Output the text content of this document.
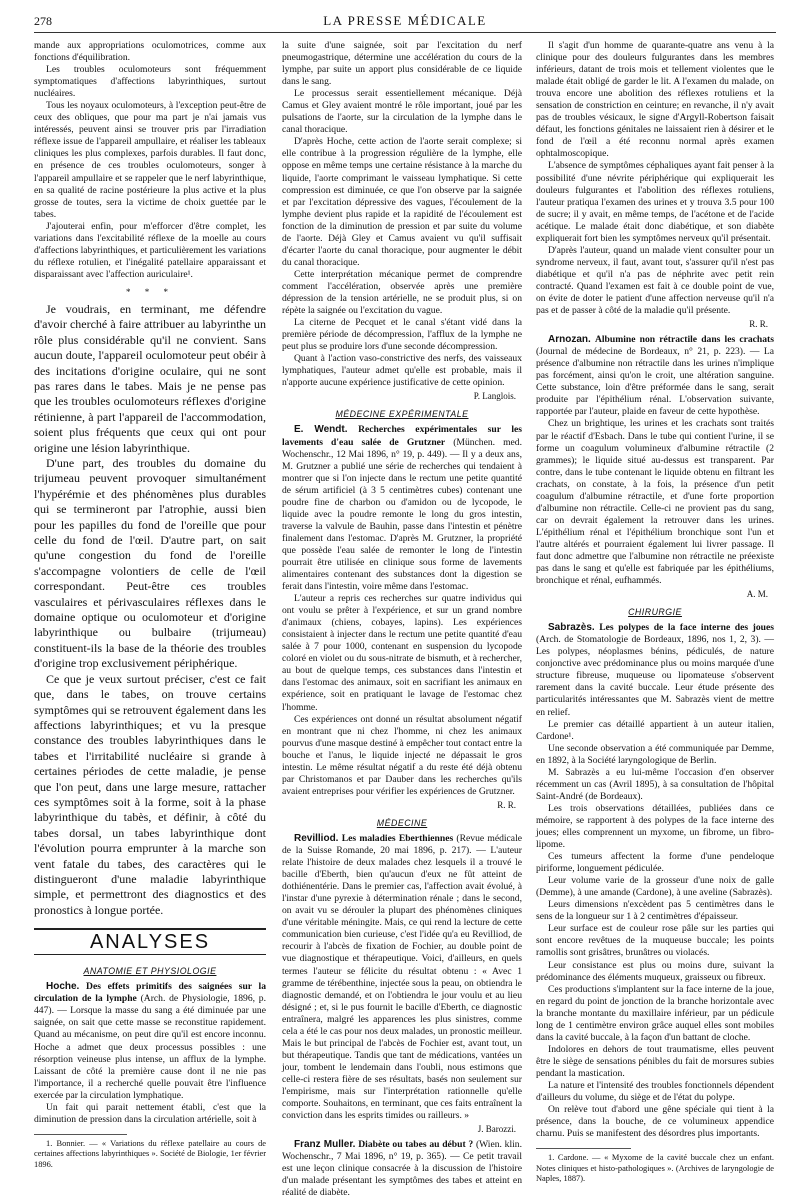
278	LA PRESSE MÉDICALE

mande aux appropriations oculomotrices, comme aux fonctions d'équilibration.

Les troubles oculomoteurs sont fréquemment symptomatiques d'affections labyrinthiques, surtout nucléaires.

Tous les noyaux oculomoteurs, à l'exception peut-être de ceux des obliques, que pour ma part je n'ai jamais vus intéressés, peuvent ainsi se trouver pris par l'irradiation réflexe issue de l'appareil ampullaire, et réaliser les tableaux cliniques les plus complexes, parfois durables. Il faut donc, en présence de ces troubles oculomoteurs, songer à l'appareil ampullaire et se rappeler que le nerf labyrinthique, en sa qualité de racine postérieure la plus active et la plus grosse de toutes, sera la victime de choix guettée par le tabes.

J'ajouterai enfin, pour m'efforcer d'être complet, les variations dans l'excitabilité réflexe de la moelle au cours d'affections labyrinthiques, et particulièrement les variations du réflexe rotulien, et l'inégalité patellaire apparaissant et disparaissant avec l'affection auriculaire¹.

* * *

Je voudrais, en terminant, me défendre d'avoir cherché à faire attribuer au labyrinthe un rôle plus considérable qu'il ne convient. Sans aucun doute, l'appareil oculomoteur peut obéir à des incitations d'origine oculaire, qui ne sont pas rares dans le tabes. Mais je ne pense pas que les troubles oculomoteurs réflexes d'origine rétinienne, à part l'appareil de l'accommodation, soient plus fréquents que ceux qui ont pour origine une lésion labyrinthique.

D'une part, des troubles du domaine du trijumeau peuvent provoquer simultanément l'hypérémie et des phénomènes plus durables qui se termineront par l'atrophie, aussi bien pour les papilles du fond de l'oreille que pour celle du fond de l'œil. D'autre part, on sait qu'une congestion du fond de l'oreille s'accompagne volontiers de celle de l'œil correspondant. Peut-être ces troubles vasculaires et périvasculaires réflexes dans le domaine optique ou oculomoteur et d'origine labyrinthique ou bulbaire (trijumeau) constituent-ils la base de la théorie des troubles d'origine trop exclusivement périphérique.

Ce que je veux surtout préciser, c'est ce fait que, dans le tabes, on trouve certains symptômes qui se retrouvent également dans les affections labyrinthiques; et vu la presque constance des troubles labyrinthiques dans le tabes et l'irritabilité nucléaire si grande à certaines périodes de cette maladie, je pense que l'on peut, dans une large mesure, rattacher ces symptômes soit à la forme, soit à la phase labyrinthique du tabès, et définir, à côté du tabes dorsal, un tabes labyrinthique dont l'évolution pourra emprunter à la marche son vent fatale du tabes, des caractères qui le distingueront d'une maladie labyrinthique simple, et permettront des diagnostics et des pronostics à longue portée.

ANALYSES
ANATOMIE ET PHYSIOLOGIE

Hoche. Des effets primitifs des saignées sur la circulation de la lymphe (Arch. de Physiologie, 1896, p. 447). — Lorsque la masse du sang a été diminuée par une saignée, on sait que cette masse se reconstitue rapidement. Quand au mécanisme, on peut dire qu'il est encore inconnu. Hoche a admet que deux processus possibles : une résorption veineuse plus intense, un afflux de la lymphe. Laissant de côté la première cause dont il ne nie pas l'importance, il a recherché quelle pouvait être l'influence exercée par la circulation lymphatique.

Un fait qui parait nettement établi, c'est que la diminution de pression dans la circulation artérielle, soit à

1. Bonnier. — « Variations du réflexe patellaire au cours de certaines affections labyrinthiques ». Société de Biologie, 1er février 1896.

la suite d'une saignée, soit par l'excitation du nerf pneumogastrique, détermine une accélération du cours de la lymphe, par suite un apport plus considérable de ce liquide dans le sang.

Le processus serait essentiellement mécanique. Déjà Camus et Gley avaient montré le rôle important, joué par les pulsations de l'aorte, sur la circulation de la lymphe dans le canal thoracique.

D'après Hoche, cette action de l'aorte serait complexe; si elle contribue à la progression régulière de la lymphe, elle oppose en même temps une certaine résistance à la marche du liquide, l'aorte comprimant le vaisseau lymphatique. Si cette compression est diminuée, ce que l'on observe par la saignée et par l'excitation dépressive des vagues, l'écoulement de la lymphe devient plus rapide et la rapidité de l'écoulement est fonction de la diminution de pression et par suite du volume de l'aorte. Déjà Gley et Camus avaient vu qu'il suffisait d'écarter l'aorte du canal thoracique, pour augmenter le débit du canal thoracique.

Cette interprétation mécanique permet de comprendre comment l'accélération, observée après une première dépression de la tension artérielle, ne se produit plus, si on répète la saignée ou l'excitation du vague.

La citerne de Pecquet et le canal s'étant vidé dans la première période de décompression, l'afflux de la lymphe ne peut plus se produire lors d'une seconde décompression.

Quant à l'action vaso-constrictive des nerfs, des vaisseaux lymphatiques, l'auteur admet qu'elle est probable, mais il n'apporte aucune expérience justificative de cette opinion.

P. Langlois.
MÉDECINE EXPÉRIMENTALE

E. Wendt. Recherches expérimentales sur les lavements d'eau salée de Grutzner (München. med. Wochenschr., 12 Mai 1896, n° 19, p. 449). — Il y a deux ans, M. Grutzner a publié une série de recherches qui tendaient à montrer que si l'on injecte dans le rectum une petite quantité de sérum artificiel (à 3 5 centimètres cubes) contenant une poudre fine de charbon ou d'amidon ou de lycopode, le liquide avec la poudre remonte le long du gros intestin, traverse la valvule de Bauhin, passe dans l'intestin et pénètre finalement dans l'estomac. D'après M. Grutzner, la propriété que possède l'eau salée de remonter le long de l'intestin pourrait être utilisée en clinique sous forme de lavements alimentaires contenant des substances dont la digestion se ferait dans l'intestin, voire même dans l'estomac.

L'auteur a repris ces recherches sur quatre individus qui ont voulu se prêter à l'expérience, et sur un grand nombre d'animaux (chiens, cobayes, lapins). Les expériences consistaient à injecter dans le rectum une petite quantité d'eau salée à 7 pour 1000, contenant en suspension du lycopode coloré en violet ou du sous-nitrate de bismuth, et à rechercher, au bout de quelque temps, ces substances dans l'intestin et dans l'estomac des animaux, soit en sacrifiant les animaux en expérience, soit en pratiquant le lavage de l'estomac chez l'homme.

Ces expériences ont donné un résultat absolument négatif en montrant que ni chez l'homme, ni chez les animaux pourvus d'une masque destiné à empêcher tout contact entre la bouche et l'anus, le liquide injecté ne dépassait le gros intestin. Le même résultat négatif a du reste été déjà obtenu par Christomanos et par Dauber dans les recherches qu'ils avaient entreprises pour vérifier les expériences de Grutzner.

R. R.
MÉDECINE

Revilliod. Les maladies Eberthiennes (Revue médicale de la Suisse Romande, 20 mai 1896, p. 217). — L'auteur relate l'histoire de deux malades chez lesquels il a trouvé le bacille d'Eberth, bien qu'aucun d'eux ne fût atteint de dothiénentérie. Dans le premier cas, l'affection avait évolué, à l'instar d'une pyrexie à détermination rénale ; dans le second, on avait vu se dérouler la plupart des phénomènes cliniques d'une véritable méningite. Mais, ce qui rend la lecture de cette communication bien curieuse, c'est l'idée qu'a eu Revilliod, de recourir à l'abcès de fixation de Fochier, au double point de vue diagnostique et thérapeutique. Voici, d'ailleurs, en quels termes l'auteur se félicite du résultat obtenu : « Avec 1 gramme de térébenthine, injectée sous la peau, on obtiendra le diagnostic demandé, et on l'obtiendra le jour voulu et au lieu désigné ; et, si le pus fournit le bacille d'Eberth, ce diagnostic entraînera, malgré les apparences les plus sinistres, comme cela a été le cas pour nos deux malades, un pronostic meilleur. Mais le but principal de l'abcès de Fochier est, avant tout, un but thérapeutique. Tandis que tant de médications, vantées un jour, tombent le lendemain dans l'oubli, nous estimons que celle-ci restera fière de ses résultats, basés non seulement sur l'empirisme, mais sur l'interprétation rationnelle qu'elle comporte. Souhaitons, en terminant, que ces faits entraînent la conviction dans les esprits timides ou railleurs. »

J. Barozzi.

Franz Muller. Diabète ou tabes au début ? (Wien. klin. Wochenschr., 7 Mai 1896, n° 19, p. 365). — Ce petit travail est une leçon clinique consacrée à la discussion de l'histoire d'un malade présentant les symptômes des tabes et atteint en réalité de diabète.

Il s'agit d'un homme de quarante-quatre ans venu à la clinique pour des douleurs fulgurantes dans les membres inférieurs, datant de trois mois et tellement violentes que le malade était obligé de garder le lit. A l'examen du malade, on trouva encore une abolition des réflexes rotuliens et la sensation de constriction en ceinture; en revanche, il n'y avait pas de troubles vésicaux, le signe d'Argyll-Robertson faisait défaut, les fonctions génitales ne laissaient rien à désirer et le fond de l'œil a été reconnu normal après examen ophtalmoscopique.

L'absence de symptômes céphaliques ayant fait penser à la possibilité d'une névrite périphérique qui expliquerait les douleurs fulgurantes et l'abolition des réflexes rotuliens, l'auteur pratiqua l'examen des urines et y trouva 3.5 pour 100 de sucre; il y avait, en même temps, de l'acétone et de l'acide acétique. Le malade était donc diabétique, et son diabète expliquerait fort bien les symptômes nerveux qu'il présentait.

D'après l'auteur, quand un malade vient consulter pour un syndrome nerveux, il faut, avant tout, s'assurer qu'il n'est pas diabétique et qu'il n'a pas de néphrite avec petit rein contracté. Quand l'examen est fait à ce double point de vue, on évite de doter le patient d'une affection nerveuse qu'il n'a pas et de passer à côté de la maladie qu'il présente.

R. R.

Arnozan. Albumine non rétractile dans les crachats (Journal de médecine de Bordeaux, n° 21, p. 223). — La présence d'albumine non rétractile dans les urines n'implique pas forcément, ainsi qu'on le croit, une altération sanguine. Cette substance, loin d'être préformée dans le sang, serait produite par l'épithélium rénal. L'observation suivante, rapportée par l'auteur, plaide en faveur de cette hypothèse.

Chez un brightique, les urines et les crachats sont traités par le réactif d'Esbach. Dans le tube qui contient l'urine, il se forme un coagulum volumineux d'albumine rétractile (2 grammes); le liquide situé au-dessus est transparent. Par contre, dans le tube contenant le liquide obtenu en filtrant les crachats, on constate, à la fois, la présence d'un petit coagulum d'albumine rétractile, et d'une forte proportion d'albumine non rétractile. Celle-ci ne provient pas du sang, car on devrait également la retrouver dans les urines. L'épithélium rénal et l'épithélium bronchique sont l'un et l'autre altérés et pourraient également lui livrer passage. Il faut donc admettre que l'albumine non rétractile ne préexiste pas dans le sang et qu'elle est fabriquée par les épithéliums, bronchique et rénal, eufhammés.

A. M.
CHIRURGIE

Sabrazès. Les polypes de la face interne des joues (Arch. de Stomatologie de Bordeaux, 1896, nos 1, 2, 3). — Les polypes, néoplasmes bénins, pédiculés, de nature conjonctive avec prédominance plus ou moins marquée d'une structure fibreuse, muqueuse ou lipomateuse s'observent rarement dans la cavité buccale. Leur étude présente des particularités intéressantes que M. Sabrazès vient de mettre en relief.

Le premier cas détaillé appartient à un auteur italien, Cardone¹.

Une seconde observation a été communiquée par Demme, en 1892, à la Société laryngologique de Berlin.

M. Sabrazès a eu lui-même l'occasion d'en observer récemment un cas (Avril 1895), à sa consultation de l'hôpital Saint-André (de Bordeaux).

Les trois observations détaillées, publiées dans ce mémoire, se rapportent à des polypes de la face interne des joues; elles comprennent un myxome, un fibrome, un fibro-lipome.

Ces tumeurs affectent la forme d'une pendeloque piriforme, longuement pédiculée.

Leur volume varie de la grosseur d'une noix de galle (Demme), à une amande (Cardone), à une aveline (Sabrazès).

Leurs dimensions n'excèdent pas 5 centimètres dans le sens de la longueur sur 1 à 2 centimètres d'épaisseur.

Leur surface est de couleur rose pâle sur les parties qui sont encore revêtues de la muqueuse buccale; les points ramollis sont grisâtres, brunâtres ou violacés.

Leur consistance est plus ou moins dure, suivant la prédominance des éléments muqueux, graisseux ou fibreux.

Ces productions s'implantent sur la face interne de la joue, en regard du point de jonction de la branche horizontale avec la branche montante du maxillaire inférieur, par un pédicule long de 1 centimètre environ grâce auquel elles sont mobiles dans la cavité buccale, à la façon d'un battant de cloche.

Indolores en dehors de tout traumatisme, elles peuvent être le siège de sensations pénibles du fait de morsures subies pendant la mastication.

La nature et l'intensité des troubles fonctionnels dépendent d'ailleurs du volume, du siège et de l'état du polype.

On relève tout d'abord une gêne spéciale qui tient à la présence, dans la bouche, de ce volumineux appendice charnu. Puis se manifestent des désordres plus importants.

1. Cardone. — « Myxome de la cavité buccale chez un enfant. Notes cliniques et histo-pathologiques ». (Archives de laryngologie de Naples, 1887).
